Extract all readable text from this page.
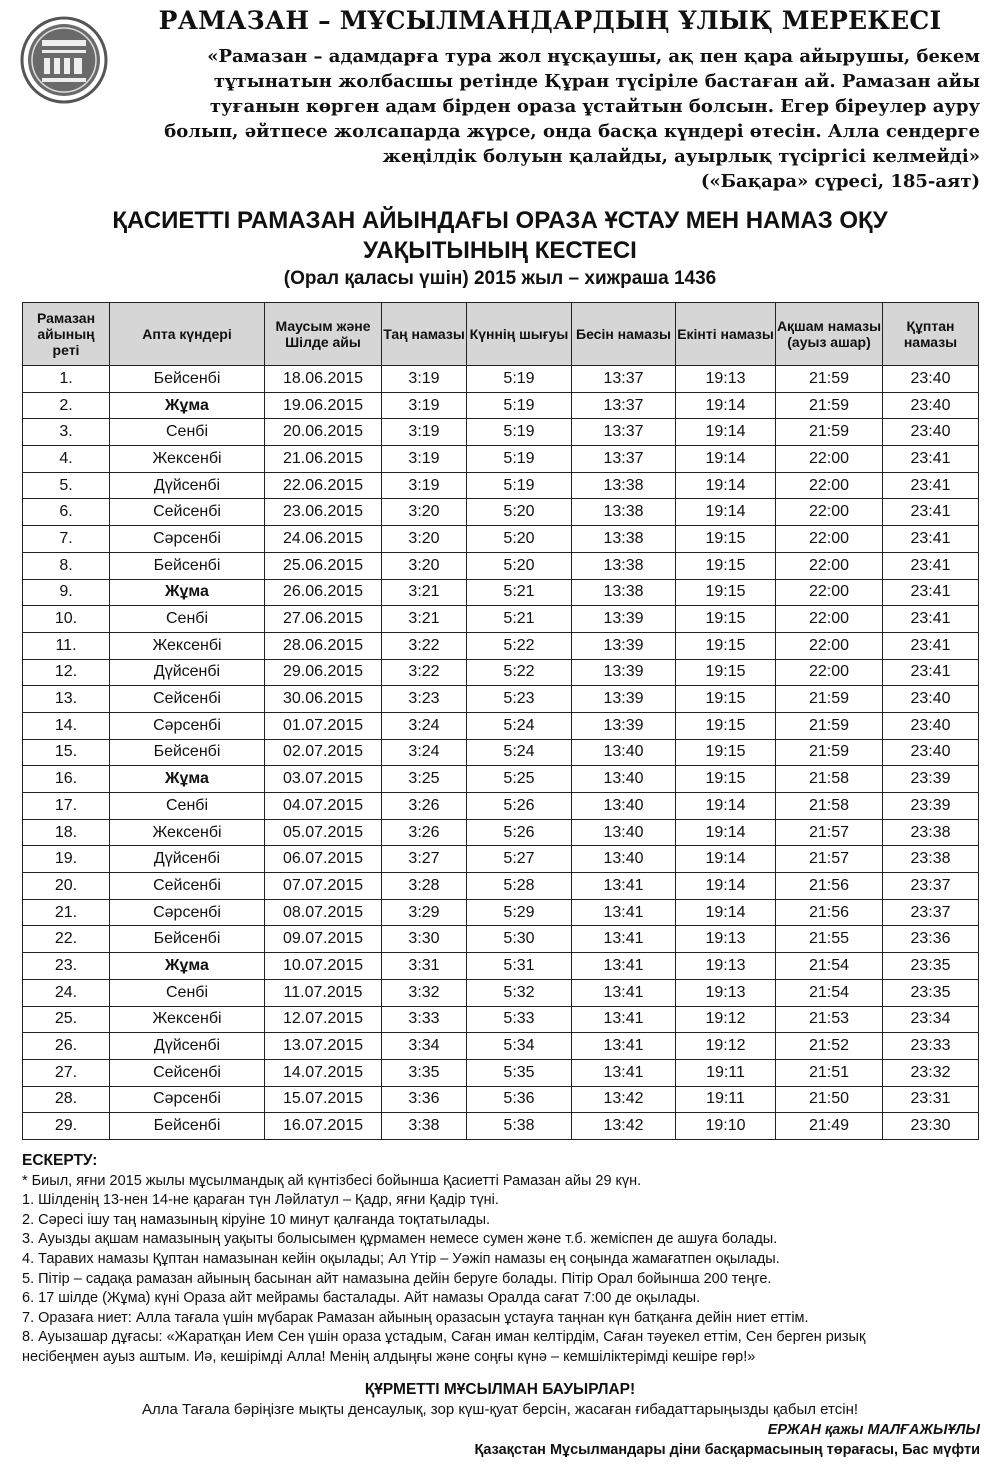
РАМАЗАН – МҰСЫЛМАНДАРДЫҢ ҰЛЫҚ МЕРЕКЕСІ
«Рамазан – адамдарға тура жол нұсқаушы, ақ пен қара айырушы, бекем
тұтынатын жолбасшы ретінде Құран түсіріле бастаған ай. Рамазан айы
туғанын көрген адам бірден ораза ұстайтын болсын. Егер біреулер ауру
болып, әйтпесе жолсапарда жүрсе, онда басқа күндері өтесін. Алла сендерге
жеңілдік болуын қалайды, ауырлық түсіргісі келмейді»
(«Бақара» сүресі, 185-аят)
ҚАСИЕТТІ РАМАЗАН АЙЫНДАҒЫ ОРАЗА ҰСТАУ МЕН НАМАЗ ОҚУ
УАҚЫТЫНЫҢ КЕСТЕСІ
(Орал қаласы үшін) 2015 жыл – хижраша 1436
Рамазан айының реті	Апта күндері	Маусым және Шілде айы	Таң намазы	Күннің шығуы	Бесін намазы	Екінті намазы	Ақшам намазы (ауыз ашар)	Құптан намазы
1.	Бейсенбі	18.06.2015	3:19	5:19	13:37	19:13	21:59	23:40
2.	Жұма	19.06.2015	3:19	5:19	13:37	19:14	21:59	23:40
3.	Сенбі	20.06.2015	3:19	5:19	13:37	19:14	21:59	23:40
4.	Жексенбі	21.06.2015	3:19	5:19	13:37	19:14	22:00	23:41
5.	Дүйсенбі	22.06.2015	3:19	5:19	13:38	19:14	22:00	23:41
6.	Сейсенбі	23.06.2015	3:20	5:20	13:38	19:14	22:00	23:41
7.	Сәрсенбі	24.06.2015	3:20	5:20	13:38	19:15	22:00	23:41
8.	Бейсенбі	25.06.2015	3:20	5:20	13:38	19:15	22:00	23:41
9.	Жұма	26.06.2015	3:21	5:21	13:38	19:15	22:00	23:41
10.	Сенбі	27.06.2015	3:21	5:21	13:39	19:15	22:00	23:41
11.	Жексенбі	28.06.2015	3:22	5:22	13:39	19:15	22:00	23:41
12.	Дүйсенбі	29.06.2015	3:22	5:22	13:39	19:15	22:00	23:41
13.	Сейсенбі	30.06.2015	3:23	5:23	13:39	19:15	21:59	23:40
14.	Сәрсенбі	01.07.2015	3:24	5:24	13:39	19:15	21:59	23:40
15.	Бейсенбі	02.07.2015	3:24	5:24	13:40	19:15	21:59	23:40
16.	Жұма	03.07.2015	3:25	5:25	13:40	19:15	21:58	23:39
17.	Сенбі	04.07.2015	3:26	5:26	13:40	19:14	21:58	23:39
18.	Жексенбі	05.07.2015	3:26	5:26	13:40	19:14	21:57	23:38
19.	Дүйсенбі	06.07.2015	3:27	5:27	13:40	19:14	21:57	23:38
20.	Сейсенбі	07.07.2015	3:28	5:28	13:41	19:14	21:56	23:37
21.	Сәрсенбі	08.07.2015	3:29	5:29	13:41	19:14	21:56	23:37
22.	Бейсенбі	09.07.2015	3:30	5:30	13:41	19:13	21:55	23:36
23.	Жұма	10.07.2015	3:31	5:31	13:41	19:13	21:54	23:35
24.	Сенбі	11.07.2015	3:32	5:32	13:41	19:13	21:54	23:35
25.	Жексенбі	12.07.2015	3:33	5:33	13:41	19:12	21:53	23:34
26.	Дүйсенбі	13.07.2015	3:34	5:34	13:41	19:12	21:52	23:33
27.	Сейсенбі	14.07.2015	3:35	5:35	13:41	19:11	21:51	23:32
28.	Сәрсенбі	15.07.2015	3:36	5:36	13:42	19:11	21:50	23:31
29.	Бейсенбі	16.07.2015	3:38	5:38	13:42	19:10	21:49	23:30
ЕСКЕРТУ:
* Биыл, яғни 2015 жылы мұсылмандық ай күнтізбесі бойынша Қасиетті Рамазан айы 29 күн.
1. Шілденің 13-нен 14-не қараған түн Ләйлатул – Қадр, яғни Қадір түні.
2. Сәресі ішу таң намазының кіруіне 10 минут қалғанда тоқтатылады.
3. Ауызды ақшам намазының уақыты болысымен құрмамен немесе сумен және т.б. жеміспен де ашуға болады.
4. Таравих намазы Құптан намазынан кейін оқылады; Ал Үтір – Уәжіп намазы ең соңында жамағатпен оқылады.
5. Пітір – садақа рамазан айының басынан айт намазына дейін беруге болады. Пітір Орал бойынша 200 теңге.
6. 17 шілде (Жұма) күні Ораза айт мейрамы басталады. Айт намазы Оралда сағат 7:00 де оқылады.
7. Оразаға ниет: Алла тағала үшін мүбарак Рамазан айының оразасын ұстауға таңнан күн батқанға дейін ниет еттім.
8. Ауызашар дұғасы: «Жаратқан Ием Сен үшін ораза ұстадым, Саған иман келтірдім, Саған тәуекел еттім, Сен берген ризық
несібеңмен ауыз аштым. Иә, кешірімді Алла! Менің алдыңғы және соңғы күнә – кемшіліктерімді кешіре гөр!»
ҚҰРМЕТТІ МҰСЫЛМАН БАУЫРЛАР!
Алла Тағала бәріңізге мықты денсаулық, зор күш-қуат берсін, жасаған ғибадаттарыңызды қабыл етсін!
ЕРЖАН қажы МАЛҒАЖЫҰЛЫ
Қазақстан Мұсылмандары діни басқармасының төрағасы, Бас мүфти
